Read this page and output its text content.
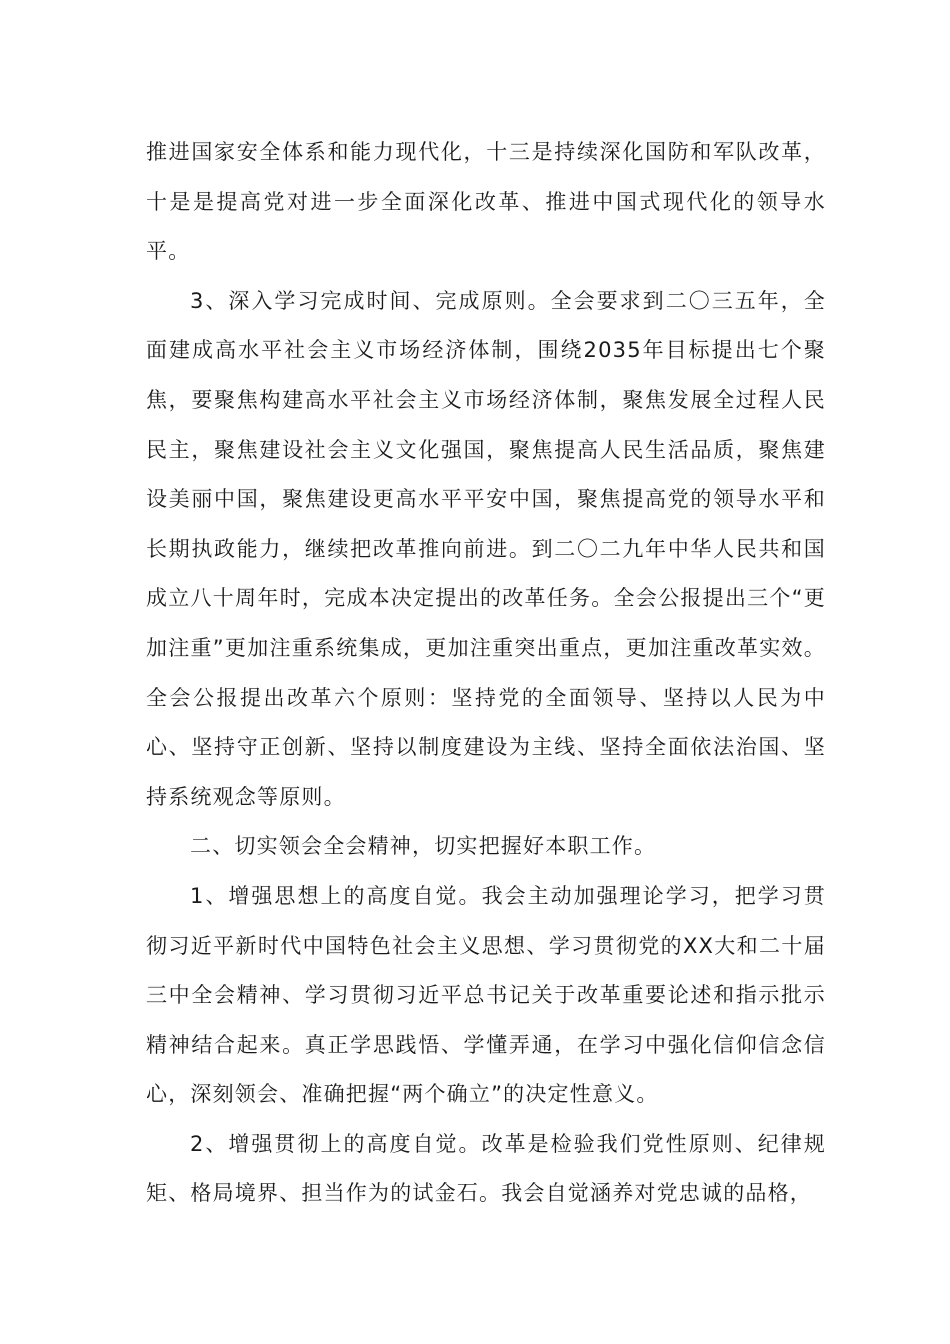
推进国家安全体系和能力现代化，十三是持续深化国防和军队改革，十是是提高党对进一步全面深化改革、推进中国式现代化的领导水平。

3、深入学习完成时间、完成原则。全会要求到二〇三五年，全面建成高水平社会主义市场经济体制，围绕2035年目标提出七个聚焦，要聚焦构建高水平社会主义市场经济体制，聚焦发展全过程人民民主，聚焦建设社会主义文化强国，聚焦提高人民生活品质，聚焦建设美丽中国，聚焦建设更高水平平安中国，聚焦提高党的领导水平和长期执政能力，继续把改革推向前进。到二〇二九年中华人民共和国成立八十周年时，完成本决定提出的改革任务。全会公报提出三个“更加注重”更加注重系统集成，更加注重突出重点，更加注重改革实效。全会公报提出改革六个原则：坚持党的全面领导、坚持以人民为中心、坚持守正创新、坚持以制度建设为主线、坚持全面依法治国、坚持系统观念等原则。

二、切实领会全会精神，切实把握好本职工作。

1、增强思想上的高度自觉。我会主动加强理论学习，把学习贯彻习近平新时代中国特色社会主义思想、学习贯彻党的XX大和二十届三中全会精神、学习贯彻习近平总书记关于改革重要论述和指示批示精神结合起来。真正学思践悟、学懂弄通，在学习中强化信仰信念信心，深刻领会、准确把握“两个确立”的决定性意义。

2、增强贯彻上的高度自觉。改革是检验我们党性原则、纪律规矩、格局境界、担当作为的试金石。我会自觉涵养对党忠诚的品格，
